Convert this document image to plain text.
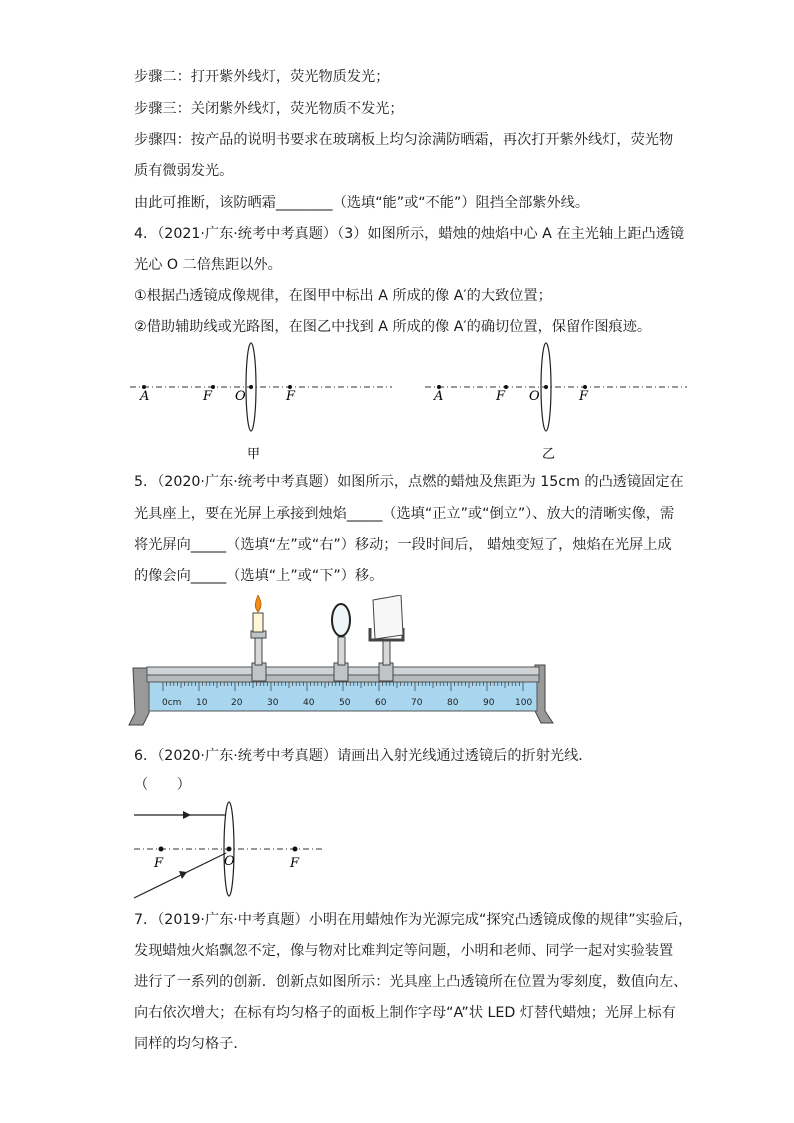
步骤二：打开紫外线灯，荧光物质发光；
步骤三：关闭紫外线灯，荧光物质不发光；
步骤四：按产品的说明书要求在玻璃板上均匀涂满防晒霜，再次打开紫外线灯，荧光物
质有微弱发光。
由此可推断，该防晒霜________（选填“能”或“不能”）阻挡全部紫外线。
4．（2021·广东·统考中考真题）（3）如图所示，蜡烛的烛焰中心 A 在主光轴上距凸透镜
光心 O 二倍焦距以外。
①根据凸透镜成像规律，在图甲中标出 A 所成的像 A′的大致位置；
②借助辅助线或光路图，在图乙中找到 A 所成的像 A′的确切位置，保留作图痕迹。
A	F O	F
甲
A	F O	F
乙
5．（2020·广东·统考中考真题）如图所示，点燃的蜡烛及焦距为 15cm 的凸透镜固定在
光具座上，要在光屏上承接到烛焰_____（选填“正立”或“倒立”）、放大的清晰实像，需
将光屏向_____（选填“左”或“右”）移动；一段时间后， 蜡烛变短了，烛焰在光屏上成
的像会向_____（选填“上”或“下”）移。
0cm 10	20	30	40	50	60	70	80	90 100
6．（2020·广东·统考中考真题）请画出入射光线通过透镜后的折射光线．
（　　）
F	O	F
7．（2019·广东·中考真题）小明在用蜡烛作为光源完成“探究凸透镜成像的规律”实验后，
发现蜡烛火焰飘忽不定，像与物对比难判定等问题，小明和老师、同学一起对实验装置
进行了一系列的创新．创新点如图所示：光具座上凸透镜所在位置为零刻度，数值向左、
向右依次增大；在标有均匀格子的面板上制作字母“A”状 LED 灯替代蜡烛；光屏上标有
同样的均匀格子．
